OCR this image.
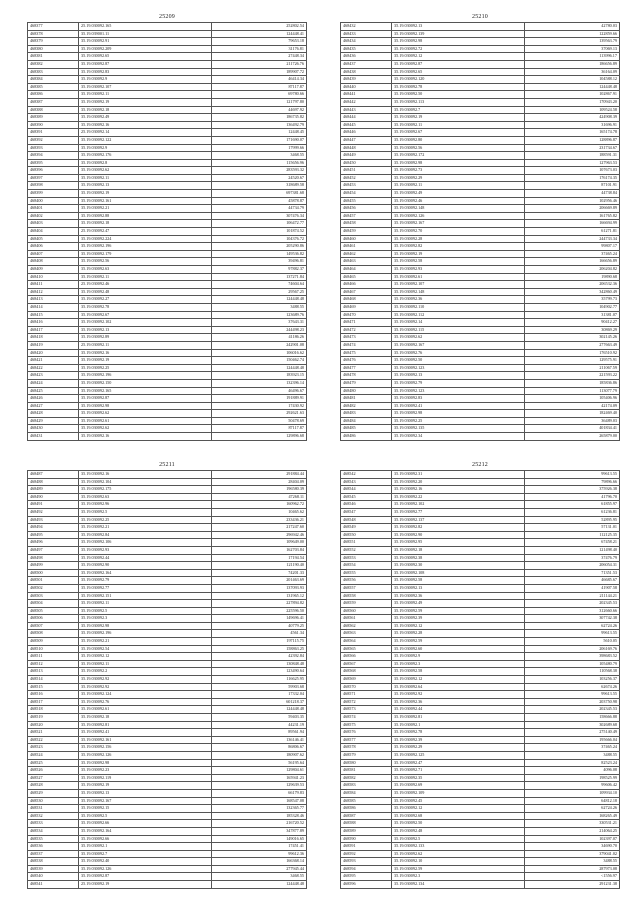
25209
468377	25.19.030092.165	252802.54
468378	35.19.039001.11	124448.41
468379	35.19.030092.91	79653.18
468380	35.19.030092.209	31176.81
468381	35.19.030092.65	27448.34
468382	35.19.030092.87	211726.76
468383	35.19.030092.83	189907.72
468384	35.19.030092.9	46414.34
468385	35.19.030092.107	87117.87
468386	35.19.030092.11	69780.66
468387	35.19.030092.19	121797.80
468388	35.19.030092.18	44697.92
468389	35.19.030092.49	186735.82
468390	35.19.030092.16	136492.79
468391	25.19.030092.14	12448.45
468392	35.19.030092.122	171690.07
468393	35.19.030092.9	17999.66
468394	35.19.030092.176	3468.55
468395	35.19.030092.8	115656.96
468396	35.19.030092.62	283593.32
468397	35.19.030092.11	24520.67
468398	35.19.030092.13	318689.58
468399	35.19.030092.19	697381.68
468400	35.19.030092.161	45878.87
468401	35.19.030092.21	44734.79
468402	35.19.030092.88	307476.34
468403	35.19.030092.18	106472.77
468404	25.19.030092.47	101874.52
468405	35.19.030092.224	104376.72
468406	35.19.030092.196	205290.86
468407	35.19.030092.179	149536.82
468408	35.19.030092.56	39496.81
468409	35.19.030092.63	97882.37
468410	35.19.030092.11	137271.84
468411	25.19.030092.46	74604.64
468412	35.19.030092.48	29567.25
468413	35.19.030092.27	124448.48
468414	35.19.030092.78	3488.55
468415	35.19.030092.67	123689.76
468416	35.19.030092.102	37643.31
468417	35.19.030092.13	244498.23
468418	35.19.030092.89	41186.26
468419	25.19.030092.11	242901.08
468420	35.19.030092.16	106016.62
468421	35.19.030092.19	150462.74
468422	35.19.030092.25	124448.48
468423	35.19.030092.196	183923.15
468424	35.19.030092.150	132396.14
468425	35.19.030092.165	46496.67
468426	35.19.030092.87	191889.91
468427	35.19.030092.98	17430.92
468428	35.19.030092.62	292621.63
468429	35.19.030092.61	50478.69
468430	35.19.030092.62	87117.87
468431	35.19.030092.16	129896.68
25210
468432	35.19.030092.13	42780.03
468433	35.19.030092.139	122859.66
468434	35.19.030092.98	139563.79
468435	35.19.030092.72	37069.13
468436	35.19.030092.12	113996.17
468437	35.19.030092.87	186656.89
468438	35.19.030092.65	36164.09
468439	35.19.030092.120	104588.12
468440	35.19.030092.78	124448.48
468441	35.19.030092.50	102867.91
468442	35.19.030092.113	170943.20
468443	35.19.030092.7	109524.58
468444	35.19.030092.19	424908.39
468445	35.19.030092.11	31696.91
468446	35.19.030092.67	165174.78
468447	35.19.030092.80	128896.87
468448	35.19.030092.56	231734.67
468449	35.19.030092.172	188591.31
468450	35.19.030092.98	127963.53
468451	35.19.030092.73	107673.03
468452	35.19.030092.29	176174.35
468453	35.19.030092.11	87101.91
468454	35.19.030092.49	44738.84
468455	35.19.030092.46	102956.46
468456	35.19.030092.148	206669.89
468457	35.19.030092.126	161765.82
468458	35.19.030092.167	166694.99
468459	35.19.030092.70	61271.81
468460	35.19.030092.28	244733.34
468461	35.19.030092.82	99807.17
468462	35.19.030092.19	37465.24
468463	35.19.030092.58	166656.89
468464	35.19.030092.93	206204.82
468465	35.19.030092.61	19890.68
468466	35.19.030092.107	206532.36
468467	35.19.030092.148	342860.49
468468	35.19.030092.36	35799.73
468469	35.19.030092.110	104902.77
468470	35.19.030092.112	31381.07
468471	35.19.030092.14	90412.27
468472	35.19.030092.115	30869.29
468473	35.19.030092.62	302145.26
468474	35.19.030092.167	277663.49
468475	35.19.030092.76	176510.92
468476	35.19.030092.50	129575.91
468477	35.19.030092.123	211067.59
468478	35.19.030092.13	221593.22
468479	35.19.030092.79	185836.86
468480	35.19.030092.123	113077.79
468481	35.19.030092.83	105406.96
468482	35.19.030092.41	42174.09
468483	35.19.030092.98	182469.40
468484	35.19.030092.25	36489.03
468485	35.19.030092.135	401834.41
468486	35.19.030092.34	265879.00
25211
468487	35.19.030092.16	291884.44
468488	35.19.030092.104	28404.09
468489	35.19.030092.175	196580.39
468490	35.19.030092.63	47268.11
468491	35.19.030092.96	160962.72
468492	35.19.030092.5	10465.62
468493	35.19.030092.25	233436.21
468494	35.19.030092.21	217247.60
468495	35.19.030092.84	296942.46
468496	35.19.030092.106	109649.00
468497	35.19.030092.93	162703.84
468498	35.19.030092.44	17194.54
468499	35.19.030092.90	121190.40
468500	35.19.030092.164	74201.33
468501	35.19.030092.79	201463.69
468502	35.19.030092.77	137093.93
468503	35.19.030092.151	131965.12
468504	35.19.030092.11	227894.82
468505	35.19.030092.5	225596.50
468506	35.19.030092.3	149696.41
468507	35.19.030092.98	40779.25
468508	35.19.030092.196	4561.34
468509	35.19.030092.21	197115.75
468510	35.19.030092.54	158863.25
468511	35.19.030092.12	42392.84
468512	35.19.030092.11	130848.48
468513	35.19.030092.2	123490.64
468514	35.19.030092.92	116625.95
468515	35.19.030092.92	59903.68
468516	35.19.030092.124	17332.04
468517	35.19.030092.76	601218.37
468518	35.19.030092.61	124448.48
468519	35.19.030092.18	59403.35
468520	35.19.030092.81	44231.19
468521	35.19.030092.41	89561.94
468522	35.19.030092.161	136146.41
468523	35.19.030092.156	86806.67
468524	35.19.030092.126	180907.62
468525	35.19.030092.98	56195.64
468526	35.19.030092.23	129804.61
468527	35.19.030092.119	165941.23
468528	35.19.030092.19	129639.53
468529	35.19.030092.13	66179.83
468530	35.19.030092.167	168547.08
468531	35.19.030092.15	132365.77
468532	35.19.030092.5	185328.46
468533	35.19.030092.66	216720.52
468534	35.19.030092.164	347877.89
468535	35.19.030092.66	149016.65
468536	35.19.030092.1	17451.41
468537	35.19.030092.7	99612.36
468538	35.19.030092.40	166368.14
468539	35.19.030092.126	277945.44
468540	35.19.030092.87	3468.55
468541	25.19.030092.19	124448.48
25212
468542	35.19.030092.31	99613.55
468543	35.19.030092.20	79896.66
468544	35.19.030092.16	375926.38
468545	35.19.030092.22	41796.70
468546	35.19.030092.102	61855.97
468547	35.19.030092.77	61236.81
468548	35.19.030092.137	52895.95
468549	35.19.030092.82	57131.01
468550	35.19.030092.90	112125.35
468551	35.19.030092.95	67458.21
468552	35.19.030092.18	121498.40
468553	35.19.030092.38	37476.79
468554	35.19.030092.30	206054.31
468555	35.19.030092.108	71351.53
468556	35.19.030092.58	46685.67
468557	35.19.030092.13	41907.58
468558	35.19.030092.36	211144.21
468559	35.19.030092.49	202345.53
468560	35.19.030092.59	312660.66
468561	35.19.030092.39	307742.38
468562	35.19.030092.12	62724.26
468563	35.19.030092.28	99613.55
468564	35.19.030092.59	5610.05
468565	35.19.030092.60	206169.76
468566	35.19.030092.9	398683.52
468567	35.19.030092.3	105480.79
468568	35.19.030092.58	110568.38
468569	35.19.030092.12	103256.37
468570	35.19.030092.64	62674.26
468571	35.19.030092.92	99613.55
468572	35.19.030092.36	203750.98
468573	35.19.030092.44	202345.53
468574	35.19.030092.81	158666.88
468575	35.19.030092.1	302689.68
468576	35.19.030092.78	275140.49
468577	35.19.030092.39	195666.04
468578	35.19.030092.29	37465.24
468579	35.19.030092.125	3488.55
468580	35.19.030092.47	82523.24
468581	35.19.030092.71	4096.08
468582	35.19.030092.35	198525.99
468583	35.19.030092.69	99606.42
468584	35.19.030092.109	109934.10
468585	35.19.030092.45	64812.18
468586	35.19.030092.12	62724.26
468587	35.19.030092.68	168265.49
468588	35.19.030092.50	330531.21
468589	35.19.030092.48	214064.25
468590	35.19.030092.5	102397.07
468591	35.19.030092.133	34690.70
468592	35.19.030092.62	379041.02
468593	35.19.030092.10	3488.55
468594	35.19.030092.59	287973.08
468595	35.19.030092.3	<1556.97
468596	35.19.030092.134	291231.38
